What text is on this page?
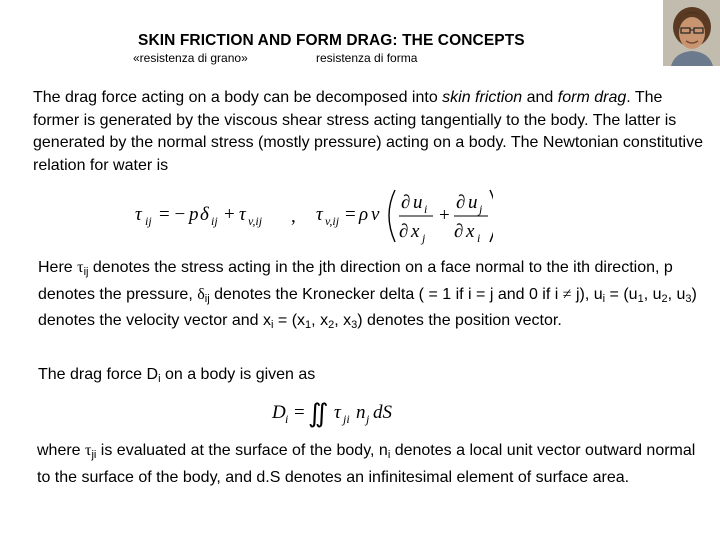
SKIN FRICTION AND FORM DRAG: THE CONCEPTS
«resistenza di grano»	resistenza di forma
The drag force acting on a body can be decomposed into skin friction and form drag. The former is generated by the viscous shear stress acting tangentially to the body. The latter is generated by the normal stress (mostly pressure) acting on a body. The Newtonian constitutive relation for water is
τ ij = − p δ ij + τ v,ij , τ v,ij = ρ ν
∂ u i
∂ x j
+
∂ u j
∂ x i
Here $\tau_{ij}$ denotes the stress acting in the jth direction on a face normal to the ith direction, p denotes the pressure, $\delta_{ij}$ denotes the Kronecker delta ( = 1 if i = j and 0 if i ≠ j), $u_i = (u_1$, $u_2$, $u_3$) denotes the velocity vector and $x_i = (x_1$, $x_2$, $x_3$) denotes the position vector.
The drag force $D_i$ on a body is given as
D i = ∬ τ ji n j dS
where $\tau_{ji}$ is evaluated at the surface of the body, $n_i$ denotes a local unit vector outward normal to the surface of the body, and d.S denotes an infinitesimal element of surface area.
